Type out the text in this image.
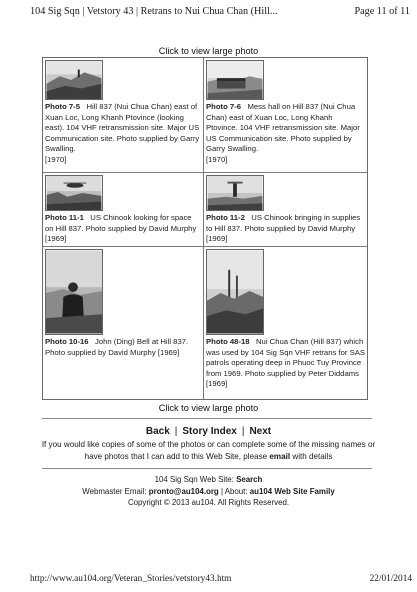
104 Sig Sqn | Vetstory 43 | Retrans to Nui Chua Chan (Hill...	Page 11 of 11
Click to view large photo
Photo 7-5 Hill 837 (Nui Chua Chan) east of Xuan Loc, Long Khanh Ptovince (looking east). 104 VHF retransmission site. Major US Communication site. Photo supplied by Garry Swalling.
[1970]
Photo 7-6 Mess hall on Hill 837 (Nui Chua Chan) east of Xuan Loc, Long Khanh Ptovince. 104 VHF retransmission site. Major US Communication site. Photo supplied by Garry Swalling.
[1970]
Photo 11-1 US Chinook looking for space on Hill 837. Photo supplied by David Murphy [1969]
Photo 11-2 US Chinook bringing in supplies to Hill 837. Photo supplied by David Murphy [1969]
Photo 10-16 John (Ding) Bell at Hill 837. Photo supplied by David Murphy [1969]
Photo 48-18 Nui Chua Chan (Hill 837) which was used by 104 Sig Sqn VHF retrans for SAS patrols operating deep in Phuoc Tuy Province from 1969. Photo supplied by Peter Diddams [1969]
Click to view large photo
Back | Story Index | Next
If you would like copies of some of the photos or can complete some of the missing names or have photos that I can add to this Web Site, please email with details
104 Sig Sqn Web Site: Search
Webmaster Email: pronto@au104.org | About: au104 Web Site Family
Copyright © 2013 au104. All Rights Reserved.
http://www.au104.org/Veteran_Stories/vetstory43.htm	22/01/2014
